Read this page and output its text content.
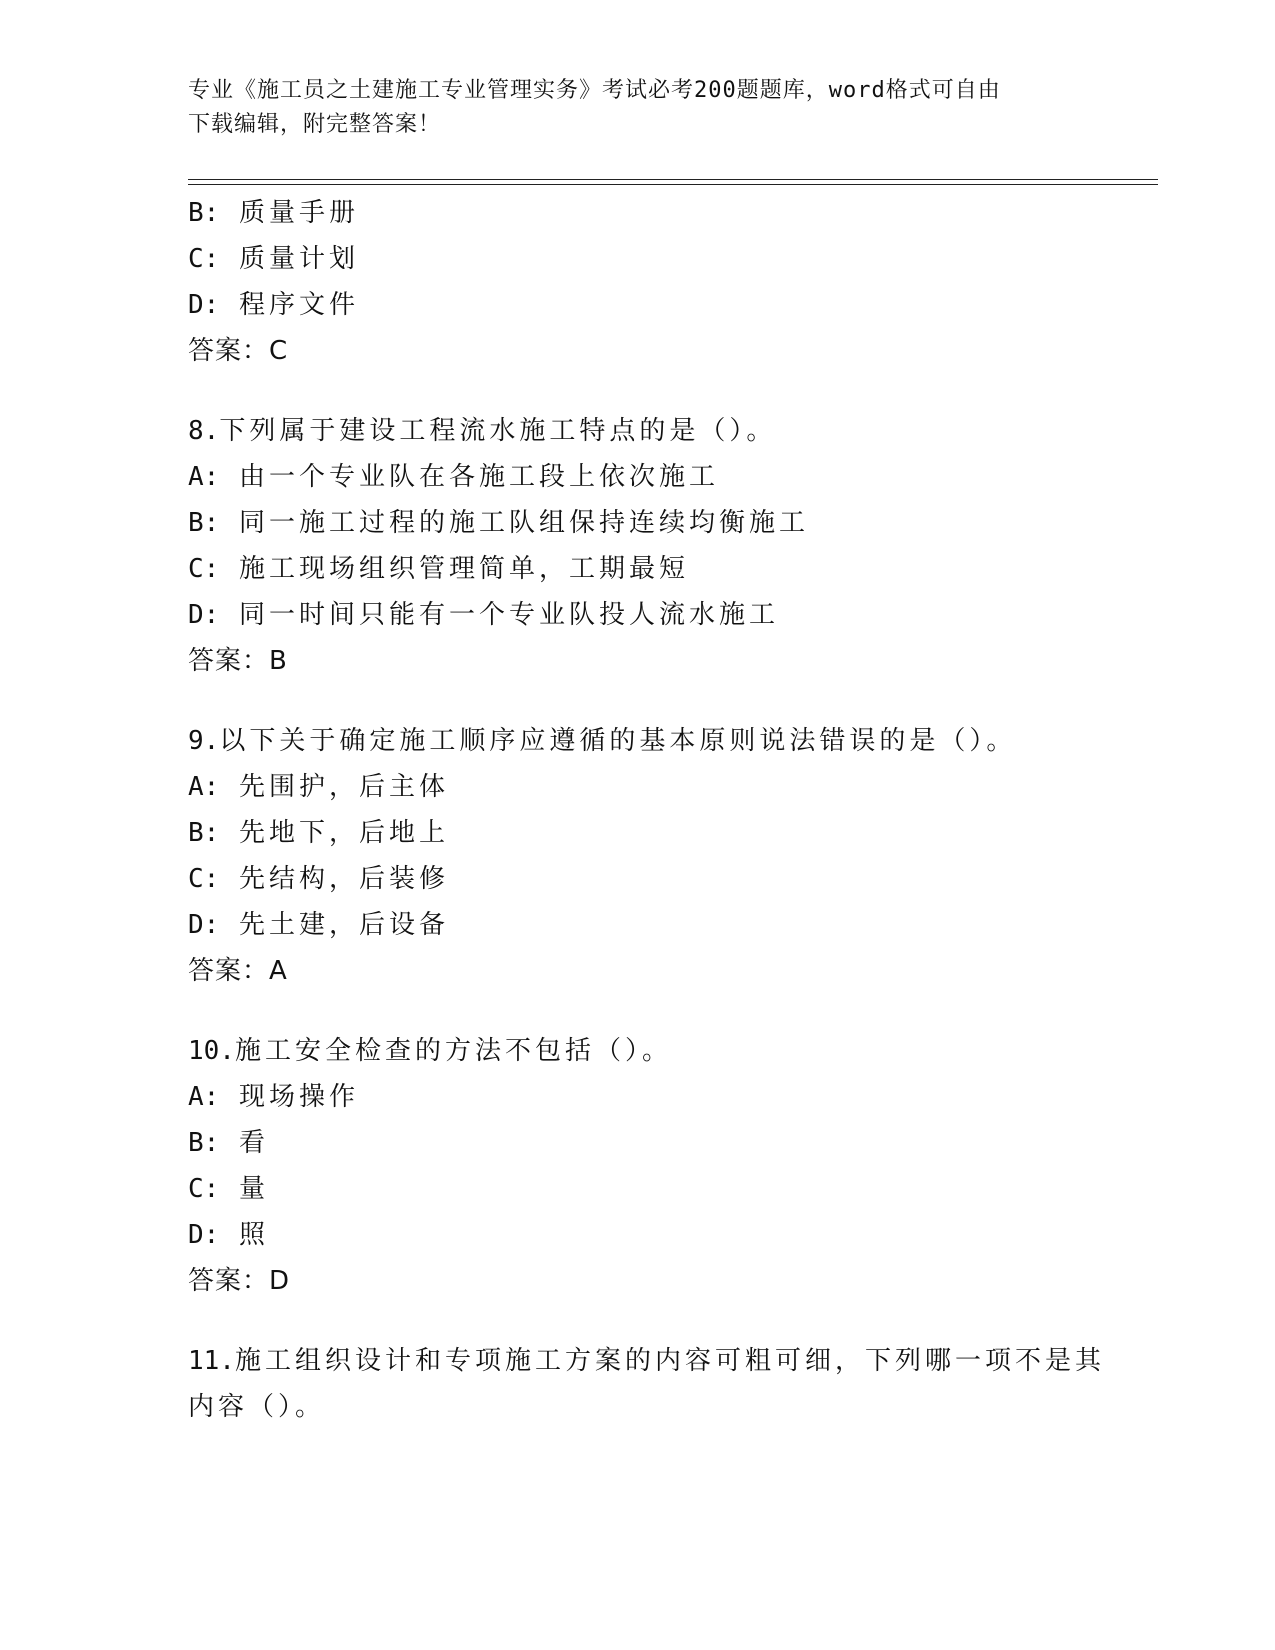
专业《施工员之土建施工专业管理实务》考试必考200题题库，word格式可自由
下载编辑，附完整答案！
B: 质量手册
C: 质量计划
D: 程序文件
答案：C
8.下列属于建设工程流水施工特点的是（）。
A: 由一个专业队在各施工段上依次施工
B: 同一施工过程的施工队组保持连续均衡施工
C: 施工现场组织管理简单，工期最短
D: 同一时间只能有一个专业队投人流水施工
答案：B
9.以下关于确定施工顺序应遵循的基本原则说法错误的是（）。
A: 先围护，后主体
B: 先地下，后地上
C: 先结构，后装修
D: 先土建，后设备
答案：A
10.施工安全检查的方法不包括（）。
A: 现场操作
B: 看
C: 量
D: 照
答案：D
11.施工组织设计和专项施工方案的内容可粗可细，下列哪一项不是其
内容（）。
